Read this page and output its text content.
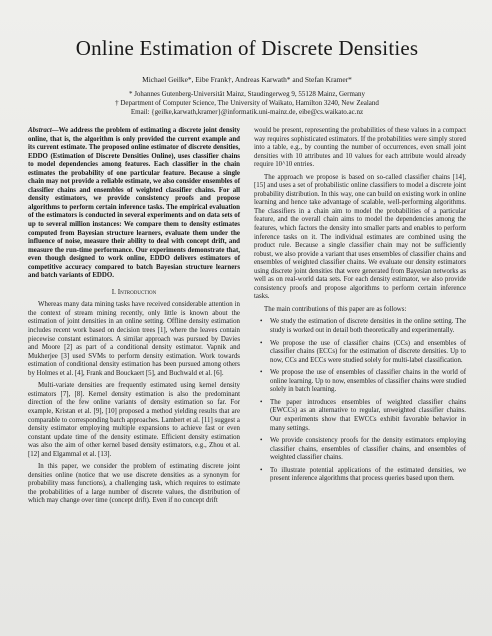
Online Estimation of Discrete Densities
Michael Geilke*, Eibe Frank†, Andreas Karwath* and Stefan Kramer*
* Johannes Gutenberg-Universität Mainz, Staudingerweg 9, 55128 Mainz, Germany
† Department of Computer Science, The University of Waikato, Hamilton 3240, New Zealand
Email: {geilke,karwath,kramer}@informatik.uni-mainz.de, eibe@cs.waikato.ac.nz

Abstract—We address the problem of estimating a discrete joint density online, that is, the algorithm is only provided the current example and its current estimate. The proposed online estimator of discrete densities, EDDO (Estimation of Discrete Densities Online), uses classifier chains to model dependencies among features. Each classifier in the chain estimates the probability of one particular feature. Because a single chain may not provide a reliable estimate, we also consider ensembles of classifier chains and ensembles of weighted classifier chains. For all density estimators, we provide consistency proofs and propose algorithms to perform certain inference tasks. The empirical evaluation of the estimators is conducted in several experiments and on data sets of up to several million instances: We compare them to density estimates computed from Bayesian structure learners, evaluate them under the influence of noise, measure their ability to deal with concept drift, and measure the run-time performance. Our experiments demonstrate that, even though designed to work online, EDDO delivers estimators of competitive accuracy compared to batch Bayesian structure learners and batch variants of EDDO.

I. Introduction

Whereas many data mining tasks have received considerable attention in the context of stream mining recently, only little is known about the estimation of joint densities in an online setting. Offline density estimation includes recent work based on decision trees [1], where the leaves contain piecewise constant estimators. A similar approach was pursued by Davies and Moore [2] as part of a conditional density estimator. Vapnik and Mukherjee [3] used SVMs to perform density estimation. Work towards estimation of conditional density estimation has been pursued among others by Holmes et al. [4], Frank and Bouckaert [5], and Buchwald et al. [6].

Multi-variate densities are frequently estimated using kernel density estimators [7], [8]. Kernel density estimation is also the predominant direction of the few online variants of density estimation so far. For example, Kristan et al. [9], [10] proposed a method yielding results that are comparable to corresponding batch approaches. Lambert et al. [11] suggest a density estimator employing multiple expansions to achieve fast or even constant update time of the density estimate. Efficient density estimation was also the aim of other kernel based density estimators, e.g., Zhou et al. [12] and Elgammal et al. [13].

In this paper, we consider the problem of estimating discrete joint densities online (notice that we use discrete densities as a synonym for probability mass functions), a challenging task, which requires to estimate the probabilities of a large number of discrete values, the distribution of which may change over time (concept drift). Even if no concept drift

would be present, representing the probabilities of these values in a compact way requires sophisticated estimators. If the probabilities were simply stored into a table, e.g., by counting the number of occurrences, even small joint densities with 10 attributes and 10 values for each attribute would already require 10^10 entries.

The approach we propose is based on so-called classifier chains [14], [15] and uses a set of probabilistic online classifiers to model a discrete joint probability distribution. In this way, one can build on existing work in online learning and hence take advantage of scalable, well-performing algorithms. The classifiers in a chain aim to model the probabilities of a particular feature, and the overall chain aims to model the dependencies among the features, which factors the density into smaller parts and enables to perform inference tasks on it. The individual estimates are combined using the product rule. Because a single classifier chain may not be sufficiently robust, we also provide a variant that uses ensembles of classifier chains and ensembles of weighted classifier chains. We evaluate our density estimators using discrete joint densities that were generated from Bayesian networks as well as on real-world data sets. For each density estimator, we also provide consistency proofs and propose algorithms to perform certain inference tasks.

The main contributions of this paper are as follows:

• We study the estimation of discrete densities in the online setting. The study is worked out in detail both theoretically and experimentally.
• We propose the use of classifier chains (CCs) and ensembles of classifier chains (ECCs) for the estimation of discrete densities. Up to now, CCs and ECCs were studied solely for multi-label classification.
• We propose the use of ensembles of classifier chains in the world of online learning. Up to now, ensembles of classifier chains were studied solely in batch learning.
• The paper introduces ensembles of weighted classifier chains (EWCCs) as an alternative to regular, unweighted classifier chains. Our experiments show that EWCCs exhibit favorable behavior in many settings.
• We provide consistency proofs for the density estimators employing classifier chains, ensembles of classifier chains, and ensembles of weighted classifier chains.
• To illustrate potential applications of the estimated densities, we present inference algorithms that process queries based upon them.
